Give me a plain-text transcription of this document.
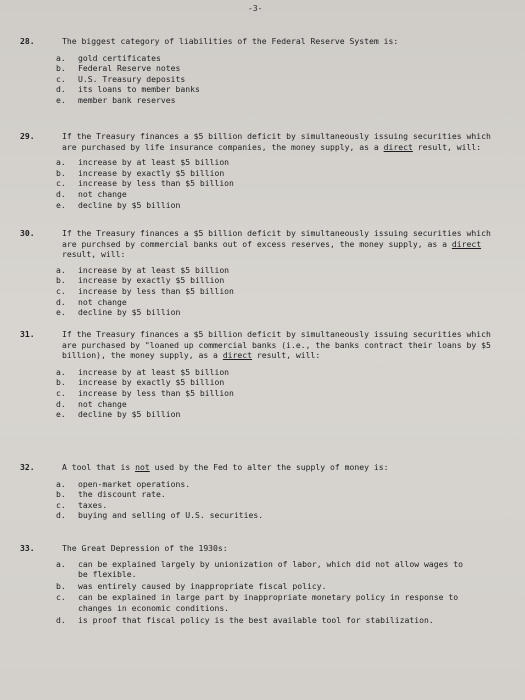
-3-
28.	The biggest category of liabilities of the Federal Reserve System is:
a.	gold certificates
b.	Federal Reserve notes
c.	U.S. Treasury deposits
d.	its loans to member banks
e.	member bank reserves
29.	If the Treasury finances a $5 billion deficit by simultaneously issuing securities which are purchased by life insurance companies, the money supply, as a direct result, will:
a.	increase by at least $5 billion
b.	increase by exactly $5 billion
c.	increase by less than $5 billion
d.	not change
e.	decline by $5 billion
30.	If the Treasury finances a $5 billion deficit by simultaneously issuing securities which are purchsed by commercial banks out of excess reserves, the money supply, as a direct result, will:
a.	increase by at least $5 billion
b.	increase by exactly $5 billion
c.	increase by less than $5 billion
d.	not change
e.	decline by $5 billion
31.	If the Treasury finances a $5 billion deficit by simultaneously issuing securities which are purchased by "loaned up commercial banks (i.e., the banks contract their loans by $5 billion), the money supply, as a direct result, will:
a.	increase by at least $5 billion
b.	increase by exactly $5 billion
c.	increase by less than $5 billion
d.	not change
e.	decline by $5 billion
32.	A tool that is not used by the Fed to alter the supply of money is:
a.	open-market operations.
b.	the discount rate.
c.	taxes.
d.	buying and selling of U.S. securities.
33.	The Great Depression of the 1930s:
a.	can be explained largely by unionization of labor, which did not allow wages to be flexible.
b.	was entirely caused by inappropriate fiscal policy.
c.	can be explained in large part by inappropriate monetary policy in response to changes in economic conditions.
d.	is proof that fiscal policy is the best available tool for stabilization.
